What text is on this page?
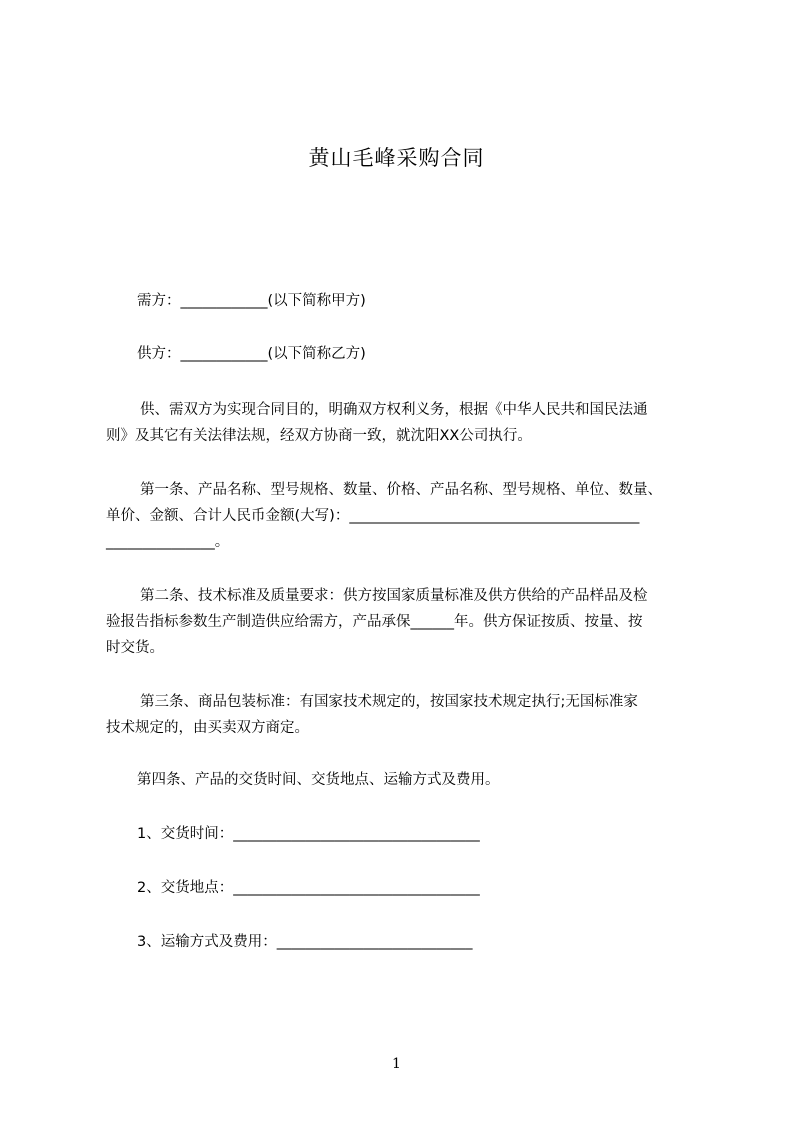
黄山毛峰采购合同
需方：____________(以下简称甲方)
供方：____________(以下简称乙方)
供、需双方为实现合同目的，明确双方权利义务，根据《中华人民共和国民法通
则》及其它有关法律法规，经双方协商一致，就沈阳XX公司执行。
第一条、产品名称、型号规格、数量、价格、产品名称、型号规格、单位、数量、
单价、金额、合计人民币金额(大写)：________________________________________
_______________。
第二条、技术标准及质量要求：供方按国家质量标准及供方供给的产品样品及检
验报告指标参数生产制造供应给需方，产品承保______年。供方保证按质、按量、按
时交货。
第三条、商品包装标准：有国家技术规定的，按国家技术规定执行;无国标准家
技术规定的，由买卖双方商定。
第四条、产品的交货时间、交货地点、运输方式及费用。
1、交货时间：__________________________________
2、交货地点：__________________________________
3、运输方式及费用：___________________________
1
